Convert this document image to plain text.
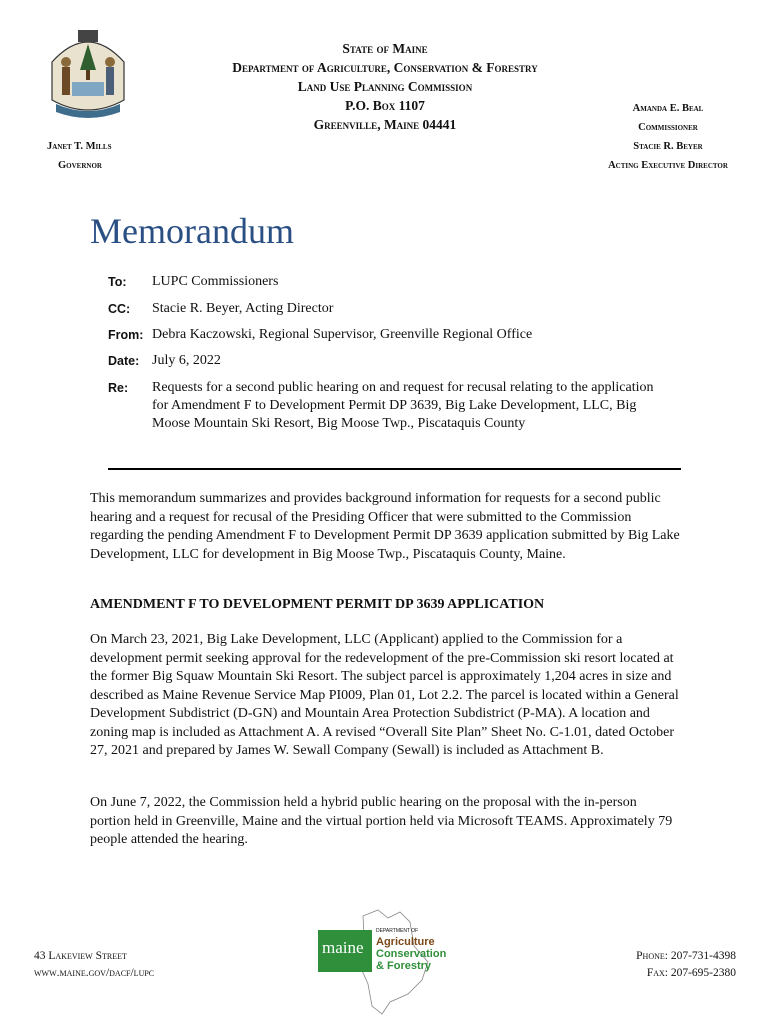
State of Maine
Department of Agriculture, Conservation & Forestry
Land Use Planning Commission
P.O. Box 1107
Greenville, Maine 04441
Janet T. Mills
Governor
Amanda E. Beal
Commissioner
Stacie R. Beyer
Acting Executive Director
Memorandum
To: LUPC Commissioners
CC: Stacie R. Beyer, Acting Director
From: Debra Kaczowski, Regional Supervisor, Greenville Regional Office
Date: July 6, 2022
Re: Requests for a second public hearing on and request for recusal relating to the application for Amendment F to Development Permit DP 3639, Big Lake Development, LLC, Big Moose Mountain Ski Resort, Big Moose Twp., Piscataquis County
This memorandum summarizes and provides background information for requests for a second public hearing and a request for recusal of the Presiding Officer that were submitted to the Commission regarding the pending Amendment F to Development Permit DP 3639 application submitted by Big Lake Development, LLC for development in Big Moose Twp., Piscataquis County, Maine.
AMENDMENT F TO DEVELOPMENT PERMIT DP 3639 APPLICATION
On March 23, 2021, Big Lake Development, LLC (Applicant) applied to the Commission for a development permit seeking approval for the redevelopment of the pre-Commission ski resort located at the former Big Squaw Mountain Ski Resort. The subject parcel is approximately 1,204 acres in size and described as Maine Revenue Service Map PI009, Plan 01, Lot 2.2. The parcel is located within a General Development Subdistrict (D-GN) and Mountain Area Protection Subdistrict (P-MA). A location and zoning map is included as Attachment A. A revised “Overall Site Plan” Sheet No. C-1.01, dated October 27, 2021 and prepared by James W. Sewall Company (Sewall) is included as Attachment B.
On June 7, 2022, the Commission held a hybrid public hearing on the proposal with the in-person portion held in Greenville, Maine and the virtual portion held via Microsoft TEAMS. Approximately 79 people attended the hearing.
43 Lakeview Street
www.maine.gov/dacf/lupc
maine
DEPARTMENT OF
Agriculture
Conservation
& Forestry
Phone: 207-731-4398
Fax: 207-695-2380
